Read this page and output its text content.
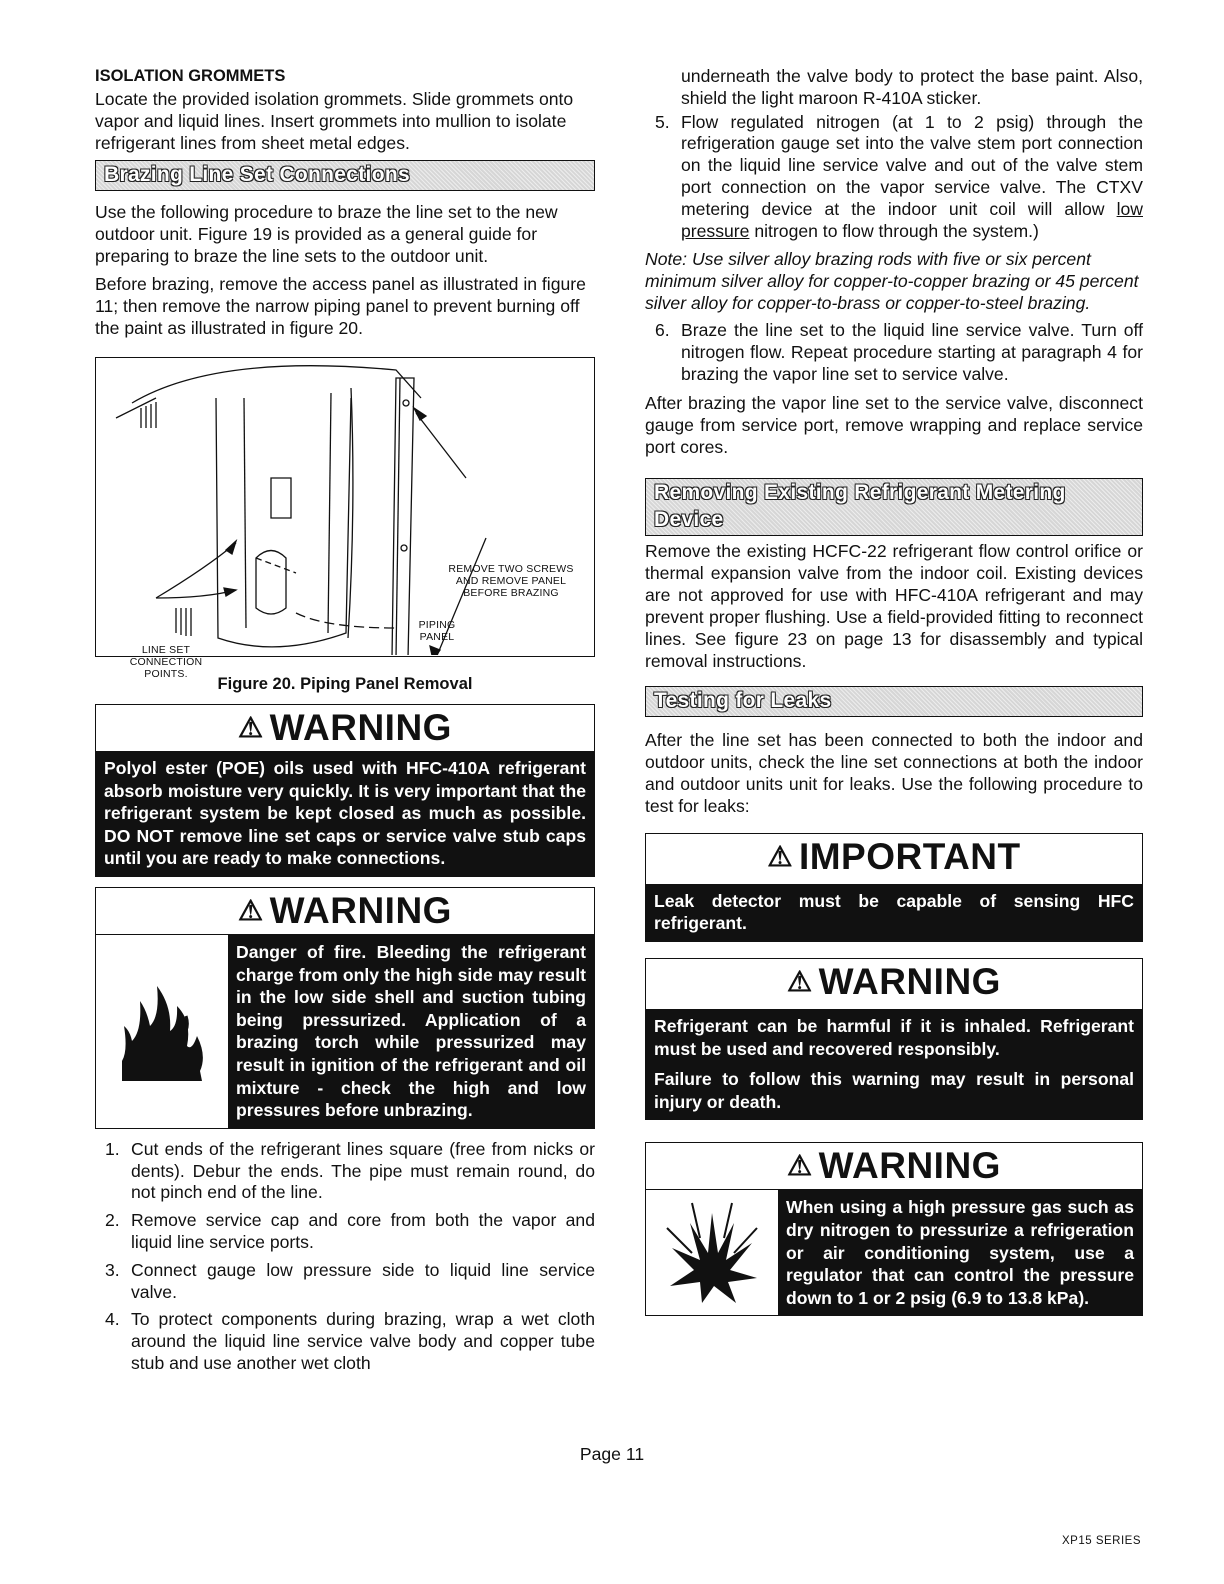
ISOLATION GROMMETS

Locate the provided isolation grommets. Slide grommets onto vapor and liquid lines. Insert grommets into mullion to isolate refrigerant lines from sheet metal edges.

Brazing Line Set Connections

Use the following procedure to braze the line set to the new outdoor unit. Figure 19 is provided as a general guide for preparing to braze the line sets to the outdoor unit.

Before brazing, remove the access panel as illustrated in figure 11; then remove the narrow piping panel to prevent burning off the paint as illustrated in figure 20.

REMOVE TWO SCREWS
AND REMOVE PANEL
BEFORE BRAZING
PIPING
PANEL
LINE SET
CONNECTION
POINTS.
Figure 20. Piping Panel Removal
⚠ WARNING
Polyol ester (POE) oils used with HFC-410A refrigerant absorb moisture very quickly. It is very important that the refrigerant system be kept closed as much as possible. DO NOT remove line set caps or service valve stub caps until you are ready to make connections.
⚠ WARNING
Danger of fire. Bleeding the refrigerant charge from only the high side may result in the low side shell and suction tubing being pressurized. Application of a brazing torch while pressurized may result in ignition of the refrigerant and oil mixture - check the high and low pressures before unbrazing.
1. Cut ends of the refrigerant lines square (free from nicks or dents). Debur the ends. The pipe must remain round, do not pinch end of the line.
2. Remove service cap and core from both the vapor and liquid line service ports.
3. Connect gauge low pressure side to liquid line service valve.
4. To protect components during brazing, wrap a wet cloth around the liquid line service valve body and copper tube stub and use another wet cloth
underneath the valve body to protect the base paint. Also, shield the light maroon R-410A sticker.
5. Flow regulated nitrogen (at 1 to 2 psig) through the refrigeration gauge set into the valve stem port connection on the liquid line service valve and out of the valve stem port connection on the vapor service valve. The CTXV metering device at the indoor unit coil will allow low pressure nitrogen to flow through the system.)

Note: Use silver alloy brazing rods with five or six percent minimum silver alloy for copper-to-copper brazing or 45 percent silver alloy for copper-to-brass or copper-to-steel brazing.

6. Braze the line set to the liquid line service valve. Turn off nitrogen flow. Repeat procedure starting at paragraph 4 for brazing the vapor line set to service valve.

After brazing the vapor line set to the service valve, disconnect gauge from service port, remove wrapping and replace service port cores.

Removing Existing Refrigerant Metering
Device

Remove the existing HCFC-22 refrigerant flow control orifice or thermal expansion valve from the indoor coil. Existing devices are not approved for use with HFC-410A refrigerant and may prevent proper flushing. Use a field-provided fitting to reconnect lines. See figure 23 on page 13 for disassembly and typical removal instructions.

Testing for Leaks

After the line set has been connected to both the indoor and outdoor units, check the line set connections at both the indoor and outdoor units unit for leaks. Use the following procedure to test for leaks:

⚠ IMPORTANT
Leak detector must be capable of sensing HFC refrigerant.
⚠ WARNING
Refrigerant can be harmful if it is inhaled. Refrigerant must be used and recovered responsibly.
Failure to follow this warning may result in personal injury or death.
⚠ WARNING
When using a high pressure gas such as dry nitrogen to pressurize a refrigeration or air conditioning system, use a regulator that can control the pressure down to 1 or 2 psig (6.9 to 13.8 kPa).
Page 11
XP15 SERIES
